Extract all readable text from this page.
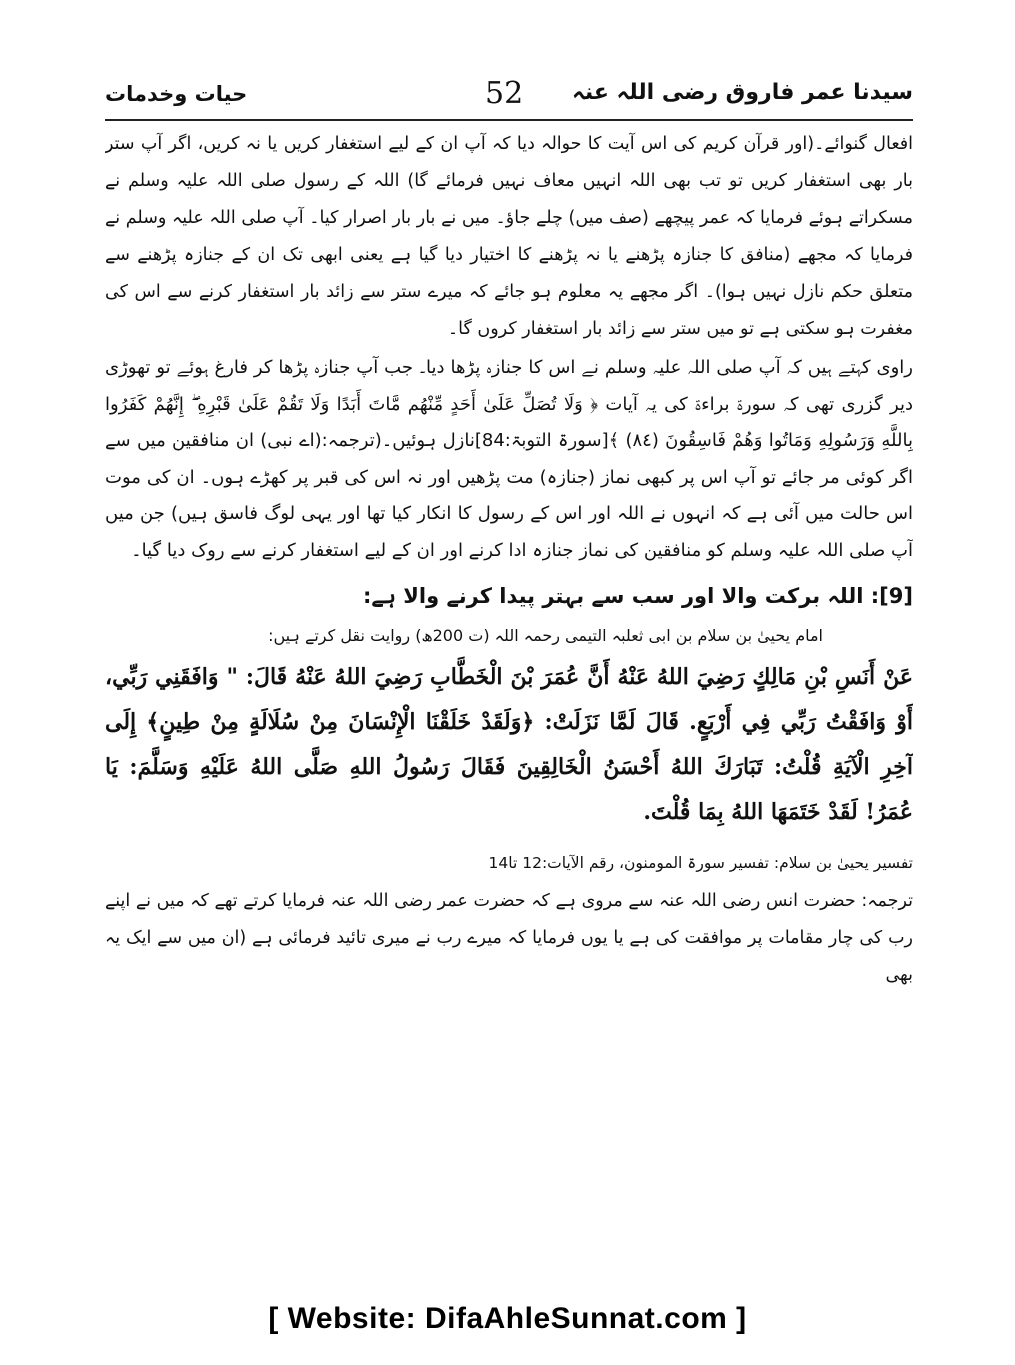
سیدنا عمر فاروق رضی اللہ عنہ
52
حیات وخدمات

افعال گنوائے۔(اور قرآن کریم کی اس آیت کا حوالہ دیا کہ آپ ان کے لیے استغفار کریں یا نہ کریں، اگر آپ ستر بار بھی استغفار کریں تو تب بھی اللہ انہیں معاف نہیں فرمائے گا) اللہ کے رسول صلی اللہ علیہ وسلم نے مسکراتے ہوئے فرمایا کہ عمر پیچھے (صف میں) چلے جاؤ۔ میں نے بار بار اصرار کیا۔ آپ صلی اللہ علیہ وسلم نے فرمایا کہ مجھے (منافق کا جنازہ پڑھنے یا نہ پڑھنے کا اختیار دیا گیا ہے یعنی ابھی تک ان کے جنازہ پڑھنے سے متعلق حکم نازل نہیں ہوا)۔ اگر مجھے یہ معلوم ہو جائے کہ میرے ستر سے زائد بار استغفار کرنے سے اس کی مغفرت ہو سکتی ہے تو میں ستر سے زائد بار استغفار کروں گا۔

راوی کہتے ہیں کہ آپ صلی اللہ علیہ وسلم نے اس کا جنازہ پڑھا دیا۔ جب آپ جنازہ پڑھا کر فارغ ہوئے تو تھوڑی دیر گزری تھی کہ سورۃ براءۃ کی یہ آیات ﴿ وَلَا تُصَلِّ عَلَىٰ أَحَدٍ مِّنْهُم مَّاتَ أَبَدًا وَلَا تَقُمْ عَلَىٰ قَبْرِهِ ۖ إِنَّهُمْ كَفَرُوا بِاللَّهِ وَرَسُولِهِ وَمَاتُوا وَهُمْ فَاسِقُونَ (٨٤) ﴾[سورۃ التوبۃ:84]نازل ہوئیں۔(ترجمہ:(اے نبی) ان منافقین میں سے اگر کوئی مر جائے تو آپ اس پر کبھی نماز (جنازہ) مت پڑھیں اور نہ اس کی قبر پر کھڑے ہوں۔ ان کی موت اس حالت میں آئی ہے کہ انہوں نے اللہ اور اس کے رسول کا انکار کیا تھا اور یہی لوگ فاسق ہیں) جن میں آپ صلی اللہ علیہ وسلم کو منافقین کی نماز جنازہ ادا کرنے اور ان کے لیے استغفار کرنے سے روک دیا گیا۔

[9]: اللہ برکت والا اور سب سے بہتر پیدا کرنے والا ہے:

امام یحییٰ بن سلام بن ابی ثعلبہ التیمی رحمہ اللہ (ت 200ھ) روایت نقل کرتے ہیں:

عَنْ أَنَسِ بْنِ مَالِكٍ رَضِيَ اللهُ عَنْهُ أَنَّ عُمَرَ بْنَ الْخَطَّابِ رَضِيَ اللهُ عَنْهُ قَالَ: " وَافَقَنِي رَبِّي، أَوْ وَافَقْتُ رَبِّي فِي أَرْبَعٍ. قَالَ لَمَّا نَزَلَتْ: ﴿وَلَقَدْ خَلَقْنَا الْإِنْسَانَ مِنْ سُلَالَةٍ مِنْ طِينٍ﴾ إِلَى آخِرِ الْآيَةِ قُلْتُ: تَبَارَكَ اللهُ أَحْسَنُ الْخَالِقِينَ فَقَالَ رَسُولُ اللهِ صَلَّى اللهُ عَلَيْهِ وَسَلَّمَ: يَا عُمَرُ! لَقَدْ خَتَمَهَا اللهُ بِمَا قُلْتَ.

تفسیر یحییٰ بن سلام: تفسیر سورۃ المومنون، رقم الآیات:12 تا14

ترجمہ: حضرت انس رضی اللہ عنہ سے مروی ہے کہ حضرت عمر رضی اللہ عنہ فرمایا کرتے تھے کہ میں نے اپنے رب کی چار مقامات پر موافقت کی ہے یا یوں فرمایا کہ میرے رب نے میری تائید فرمائی ہے (ان میں سے ایک یہ بھی

[ Website: DifaAhleSunnat.com ]
